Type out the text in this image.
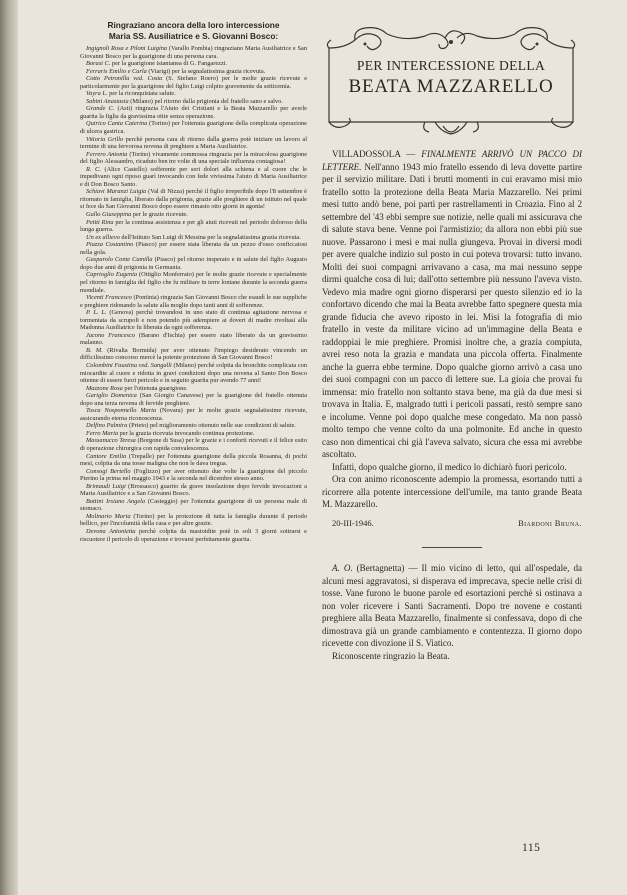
Ringraziano ancora della loro intercessione
Maria SS. Ausiliatrice e S. Giovanni Bosco:

Ingignoli Rosa e Piloni Luigina (Varallo Pombia) ringraziano Maria Ausiliatrice e San Giovanni Bosco per la guarigione di una persona cara.

Borasi C. per la guarigione istantanea di G. Fangarezzi.

Ferraris Emilio e Carla (Viarigi) per la segnalatissima grazia ricevuta.

Cotto Petronilla ved. Costa (S. Stefano Roero) per le molte grazie ricevute e particolarmente per la guarigione del figlio Luigi colpito gravemente da setticemia.

Vayra L. per la riconquistata salute.

Sabini Anastasia (Milano) pel ritorno dalla prigionia del fratello sano e salvo.

Grande C. (Asti) ringrazia l'Aiuto dei Cristiani e la Beata Mazzarello per averle guarita la figlia da gravissima otite senza operazione.

Quirico Canta Caterina (Torino) per l'ottenuta guarigione della complicata operazione di ulcera gastrica.

Vittoria Grillo perchè persona cara di ritorno dalla guerra potè iniziare un lavoro al termine di una fervorosa novena di preghiere a Maria Ausiliatrice.

Ferrero Antonia (Torino) vivamente commossa ringrazia per la miracolosa guarigione del figlio Alessandro, ricaduto ben tre volte di una speciale influenza contagiosa!

R. C. (Alice Castello) sofferente per seri dolori alla schiena e al cuore che le impedivano ogni riposo guarì invocando con fede vivissima l'aiuto di Maria Ausiliatrice e di Don Bosco Santo.

Schiavi Maranzi Luigia (Val di Nizza) perchè il figlio irreperibile dopo l'8 settembre è ritornato in famiglia, liberato dalla prigionia, grazie alle preghiere di un istituto nel quale si fece da San Giovanni Bosco dopo essere rimasto otto giorni in agonia!

Gallo Giuseppina per le grazie ricevute.

Petiti Rina per la continua assistenza e per gli aiuti ricevuti nel periodo doloroso della lunga guerra.

Un ex allievo dell'Istituto San Luigi di Messina per la segnalatissima grazia ricevuta.

Piazza Costantino (Piasco) per essere stata liberata da un pezzo d'osso conficcatosi nella gola.

Gasparolo Conte Camilla (Piasco) pel ritorno insperato e in salute del figlio Augusto dopo due anni di prigionia in Germania.

Caprioglio Eugenia (Ottiglio Monferrato) per le molte grazie ricevute e specialmente pel ritorno in famiglia del figlio che fu militare in terre lontane durante la seconda guerra mondiale.

Vicenti Francesco (Pontinia) ringrazia San Giovanni Bosco che esaudì le sue suppliche e preghiere ridonando la salute alla moglie dopo tanti anni di sofferenze.

P. L. L. (Genova) perchè trovandosi in uno stato di continua agitazione nervosa e tormentata da scrupoli e non potendo più adempiere ai doveri di madre rivoltasi alla Madonna Ausiliatrice fu liberata da ogni sofferenza.

Jacono Francesco (Barano d'Ischia) per essere stato liberato da un gravissimo malanno.

B. M. (Rivalta Bormida) per aver ottenuto l'impiego desiderato vincendo un difficilissimo concorso mercè la potente protezione di San Giovanni Bosco!

Colombini Faustina ved. Sangalli (Milano) perchè colpita da bronchite complicata con miocardite al cuore e ridotta in gravi condizioni dopo una novena al Santo Don Bosco ottenne di essere fuori pericolo e in seguito guarita pur avendo 77 anni!

Mazzone Rosa per l'ottenuta guarigione.

Gariglio Domenica (San Giorgio Canavese) per la guarigione del fratello ottenuta dopo una terza novena di fervide preghiere.

Tosca Nosponnello Maria (Novara) per le molte grazie segnalatissime ricevute, assicurando eterna riconoscenza.

Delfino Palmira (Prieto) pel miglioramento ottenuto nelle sue condizioni di salute.

Ferro Maria per la grazia ricevuta invocando continua protezione.

Massanucco Teresa (Borgone di Susa) per le grazie e i conforti ricevuti e il felice esito di operazione chirurgica con rapida convalescenza.

Cantore Emilia (Trepalle) per l'ottenuta guarigione della piccola Rosanna, di pochi mesi, colpita da una tosse maligna che non le dava tregua.

Consogi Bertello (Foglizzo) per aver ottenuto due volte la guarigione del piccolo Pierino la prima nel maggio 1943 e la seconda nel dicembre stesso anno.

Brimaudi Luigi (Brossasco) guarito da grave insolazione dopo fervide invocazioni a Maria Ausiliatrice e a San Giovanni Bosco.

Bottini Irsiano Angela (Casteggio) per l'ottenuta guarigione di un persona male di stomaco.

Molinario Maria (Torino) per la protezione di tutta la famiglia durante il periodo bellico, per l'incolumità della casa e per altre grazie.

Devona Antonietta perchè colpita da mastoidite potè in soli 3 giorni sottrarsi e riscuotere il pericolo di operazione e trovarsi perfettamente guarita.

PER INTERCESSIONE DELLA
BEATA MAZZARELLO

VILLADOSSOLA — FINALMENTE ARRIVÒ UN PACCO DI LETTERE. Nell'anno 1943 mio fratello essendo di leva dovette partire per il servizio militare. Dati i brutti momenti in cui eravamo misi mio fratello sotto la protezione della Beata Maria Mazzarello. Nei primi mesi tutto andò bene, poi partì per rastrellamenti in Croazia. Fino al 2 settembre del '43 ebbi sempre sue notizie, nelle quali mi assicurava che di salute stava bene. Venne poi l'armistizio; da allora non ebbi più sue nuove. Passarono i mesi e mai nulla giungeva. Provai in diversi modi per avere qualche indizio sul posto in cui poteva trovarsi: tutto invano. Molti dei suoi compagni arrivavano a casa, ma mai nessuno seppe dirmi qualche cosa di lui; dall'otto settembre più nessuno l'aveva visto. Vedevo mia madre ogni giorno disperarsi per questo silenzio ed io la confortavo dicendo che mai la Beata avrebbe fatto spegnere questa mia grande fiducia che avevo riposto in lei. Misi la fotografia di mio fratello in veste da militare vicino ad un'immagine della Beata e raddoppiai le mie preghiere. Promisi inoltre che, a grazia compiuta, avrei reso nota la grazia e mandata una piccola offerta. Finalmente anche la guerra ebbe termine. Dopo qualche giorno arrivò a casa uno dei suoi compagni con un pacco di lettere sue. La gioia che provai fu immensa: mio fratello non soltanto stava bene, ma già da due mesi si trovava in Italia. E, malgrado tutti i pericoli passati, restò sempre sano e incolume. Venne poi dopo qualche mese congedato. Ma non passò molto tempo che venne colto da una polmonite. Ed anche in questo caso non dimenticai chi già l'aveva salvato, sicura che essa mi avrebbe ascoltato.

Infatti, dopo qualche giorno, il medico lo dichiarò fuori pericolo.

Ora con animo riconoscente adempio la promessa, esortando tutti a ricorrere alla potente intercessione dell'umile, ma tanto grande Beata M. Mazzarello.

20-III-1946.	Biardoni Bruna.

A. O. (Bertagnetta) — Il mio vicino di letto, qui all'ospedale, da alcuni mesi aggravatosi, si disperava ed imprecava, specie nelle crisi di tosse. Vane furono le buone parole ed esortazioni perchè si ostinava a non voler ricevere i Santi Sacramenti. Dopo tre novene e costanti preghiere alla Beata Mazzarello, finalmente si confessava, dopo di che dimostrava già un grande cambiamento e contentezza. Il giorno dopo ricevette con divozione il S. Viatico.

Riconoscente ringrazio la Beata.

115
